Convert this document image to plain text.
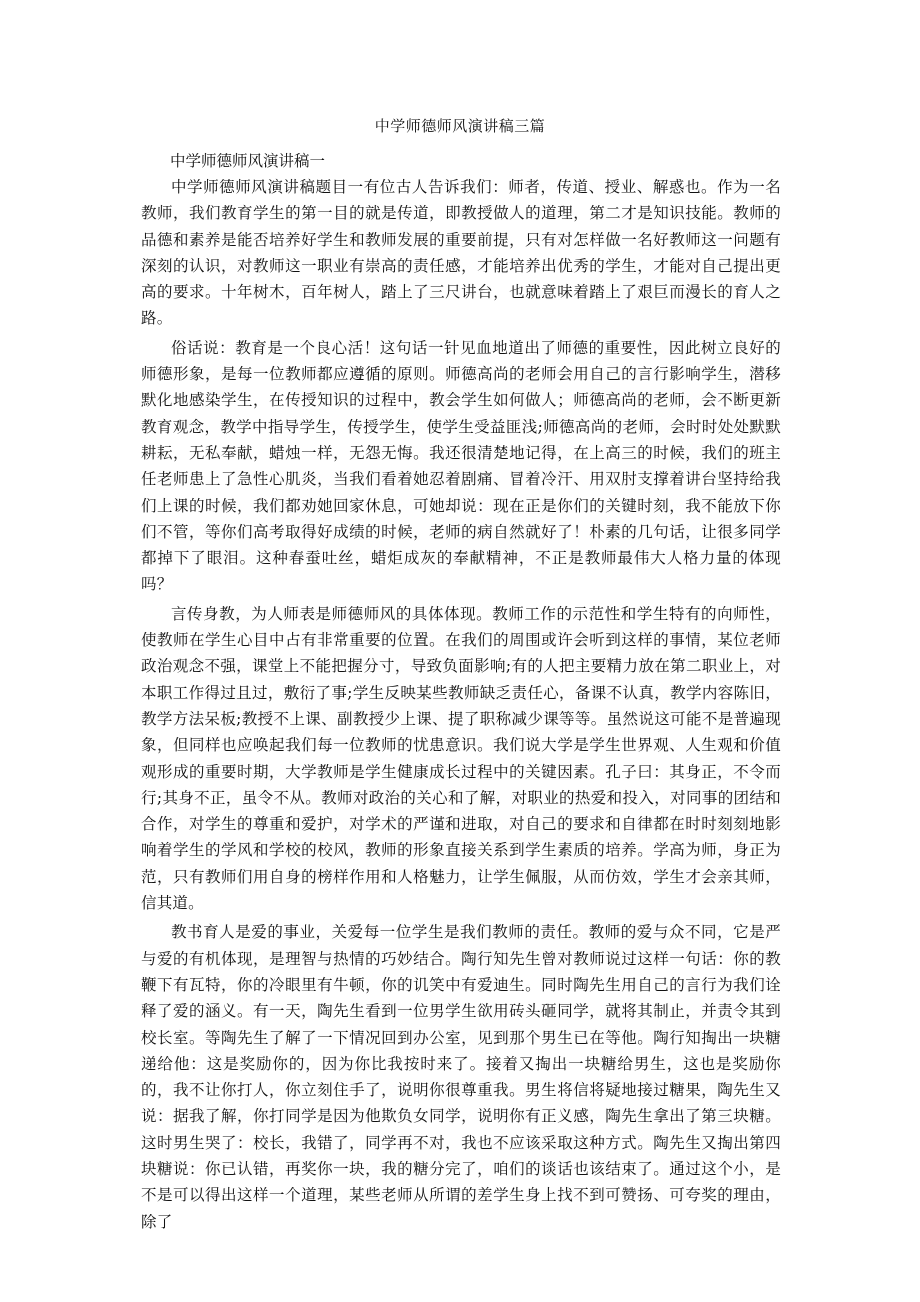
中学师德师风演讲稿三篇

中学师德师风演讲稿一

中学师德师风演讲稿题目一有位古人告诉我们：师者，传道、授业、解惑也。作为一名教师，我们教育学生的第一目的就是传道，即教授做人的道理，第二才是知识技能。教师的品德和素养是能否培养好学生和教师发展的重要前提，只有对怎样做一名好教师这一问题有深刻的认识，对教师这一职业有崇高的责任感，才能培养出优秀的学生，才能对自己提出更高的要求。十年树木，百年树人，踏上了三尺讲台，也就意味着踏上了艰巨而漫长的育人之路。

俗话说：教育是一个良心活！这句话一针见血地道出了师德的重要性，因此树立良好的师德形象，是每一位教师都应遵循的原则。师德高尚的老师会用自己的言行影响学生，潜移默化地感染学生，在传授知识的过程中，教会学生如何做人；师德高尚的老师，会不断更新教育观念，教学中指导学生，传授学生，使学生受益匪浅;师德高尚的老师，会时时处处默默耕耘，无私奉献，蜡烛一样，无怨无悔。我还很清楚地记得，在上高三的时候，我们的班主任老师患上了急性心肌炎，当我们看着她忍着剧痛、冒着冷汗、用双肘支撑着讲台坚持给我们上课的时候，我们都劝她回家休息，可她却说：现在正是你们的关键时刻，我不能放下你们不管，等你们高考取得好成绩的时候，老师的病自然就好了！朴素的几句话，让很多同学都掉下了眼泪。这种春蚕吐丝，蜡炬成灰的奉献精神，不正是教师最伟大人格力量的体现吗？

言传身教，为人师表是师德师风的具体体现。教师工作的示范性和学生特有的向师性，使教师在学生心目中占有非常重要的位置。在我们的周围或许会听到这样的事情，某位老师政治观念不强，课堂上不能把握分寸，导致负面影响;有的人把主要精力放在第二职业上，对本职工作得过且过，敷衍了事;学生反映某些教师缺乏责任心，备课不认真，教学内容陈旧，教学方法呆板;教授不上课、副教授少上课、提了职称减少课等等。虽然说这可能不是普遍现象，但同样也应唤起我们每一位教师的忧患意识。我们说大学是学生世界观、人生观和价值观形成的重要时期，大学教师是学生健康成长过程中的关键因素。孔子曰：其身正，不令而行;其身不正，虽令不从。教师对政治的关心和了解，对职业的热爱和投入，对同事的团结和合作，对学生的尊重和爱护，对学术的严谨和进取，对自己的要求和自律都在时时刻刻地影响着学生的学风和学校的校风，教师的形象直接关系到学生素质的培养。学高为师，身正为范，只有教师们用自身的榜样作用和人格魅力，让学生佩服，从而仿效，学生才会亲其师，信其道。

教书育人是爱的事业，关爱每一位学生是我们教师的责任。教师的爱与众不同，它是严与爱的有机体现，是理智与热情的巧妙结合。陶行知先生曾对教师说过这样一句话：你的教鞭下有瓦特，你的冷眼里有牛顿，你的讥笑中有爱迪生。同时陶先生用自己的言行为我们诠释了爱的涵义。有一天，陶先生看到一位男学生欲用砖头砸同学，就将其制止，并责令其到校长室。等陶先生了解了一下情况回到办公室，见到那个男生已在等他。陶行知掏出一块糖递给他：这是奖励你的，因为你比我按时来了。接着又掏出一块糖给男生，这也是奖励你的，我不让你打人，你立刻住手了，说明你很尊重我。男生将信将疑地接过糖果，陶先生又说：据我了解，你打同学是因为他欺负女同学，说明你有正义感，陶先生拿出了第三块糖。这时男生哭了：校长，我错了，同学再不对，我也不应该采取这种方式。陶先生又掏出第四块糖说：你已认错，再奖你一块，我的糖分完了，咱们的谈话也该结束了。通过这个小，是不是可以得出这样一个道理，某些老师从所谓的差学生身上找不到可赞扬、可夸奖的理由，除了
